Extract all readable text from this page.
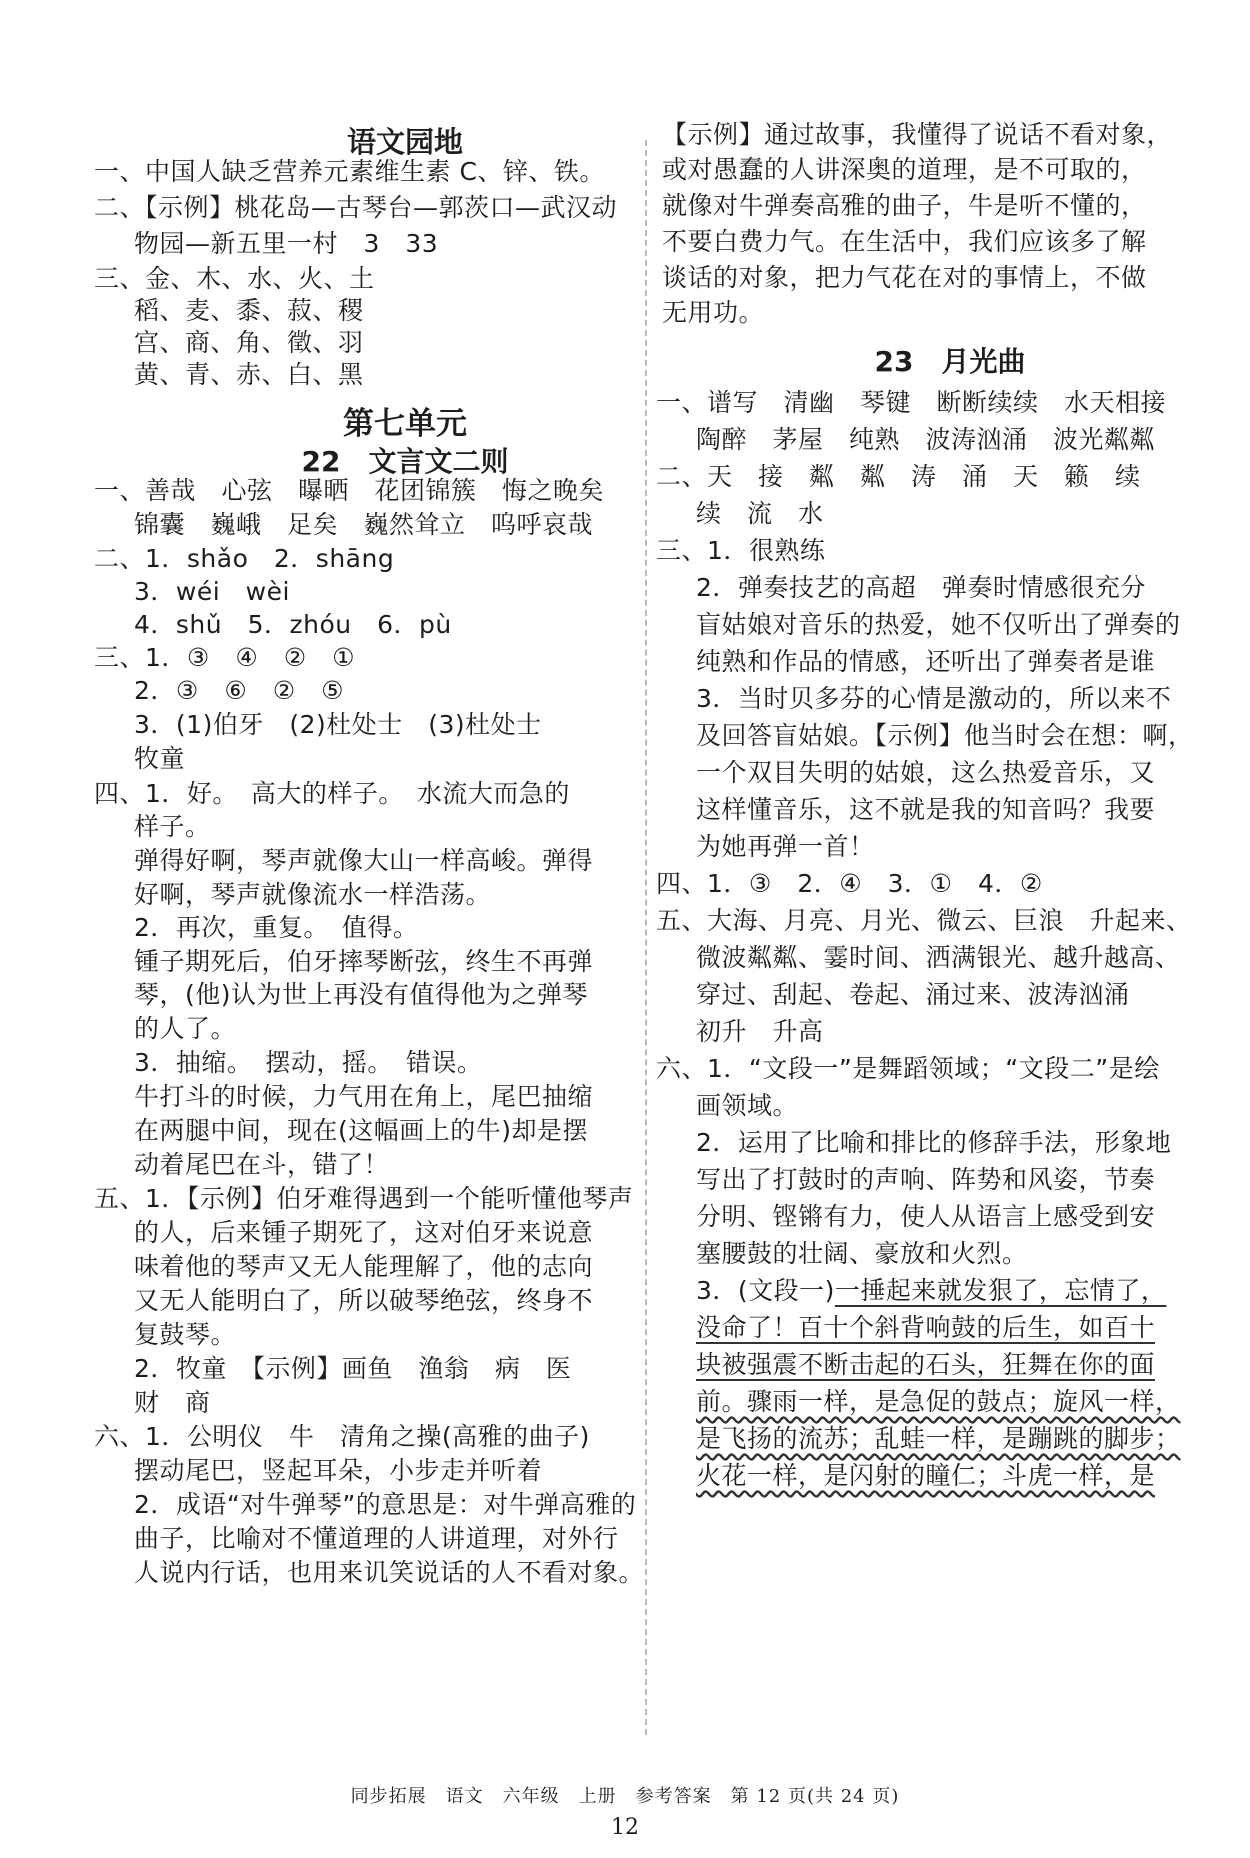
语文园地
一、中国人缺乏营养元素维生素 C、锌、铁。
二、【示例】桃花岛—古琴台—郭茨口—武汉动
物园—新五里一村　3　33
三、金、木、水、火、土
稻、麦、黍、菽、稷
宫、商、角、徵、羽
黄、青、赤、白、黑
第七单元
22　文言文二则
一、善哉　心弦　曝晒　花团锦簇　悔之晚矣
锦囊　巍峨　足矣　巍然耸立　呜呼哀哉
二、1．shǎo　2．shāng
3．wéi　wèi
4．shǔ　5．zhóu　6．pù
三、1．③　④　②　①
2．③　⑥　②　⑤
3．(1)伯牙　(2)杜处士　(3)杜处士
牧童
四、1．好。　高大的样子。　水流大而急的
样子。
弹得好啊，琴声就像大山一样高峻。弹得
好啊，琴声就像流水一样浩荡。
2．再次，重复。　值得。
锺子期死后，伯牙摔琴断弦，终生不再弹
琴，(他)认为世上再没有值得他为之弹琴
的人了。
3．抽缩。　摆动，摇。　错误。
牛打斗的时候，力气用在角上，尾巴抽缩
在两腿中间，现在(这幅画上的牛)却是摆
动着尾巴在斗，错了！
五、1．【示例】伯牙难得遇到一个能听懂他琴声
的人，后来锺子期死了，这对伯牙来说意
味着他的琴声又无人能理解了，他的志向
又无人能明白了，所以破琴绝弦，终身不
复鼓琴。
2．牧童　【示例】画鱼　渔翁　病　医
财　商
六、1．公明仪　牛　清角之操(高雅的曲子)
摆动尾巴，竖起耳朵，小步走并听着
2．成语“对牛弹琴”的意思是：对牛弹高雅的
曲子，比喻对不懂道理的人讲道理，对外行
人说内行话，也用来讥笑说话的人不看对象。
【示例】通过故事，我懂得了说话不看对象，
或对愚蠢的人讲深奥的道理，是不可取的，
就像对牛弹奏高雅的曲子，牛是听不懂的，
不要白费力气。在生活中，我们应该多了解
谈话的对象，把力气花在对的事情上，不做
无用功。
23　月光曲
一、谱写　清幽　琴键　断断续续　水天相接
陶醉　茅屋　纯熟　波涛汹涌　波光粼粼
二、天　接　粼　粼　涛　涌　天　籁　续
续　流　水
三、1．很熟练
2．弹奏技艺的高超　弹奏时情感很充分
盲姑娘对音乐的热爱，她不仅听出了弹奏的
纯熟和作品的情感，还听出了弹奏者是谁
3．当时贝多芬的心情是激动的，所以来不
及回答盲姑娘。【示例】他当时会在想：啊，
一个双目失明的姑娘，这么热爱音乐，又
这样懂音乐，这不就是我的知音吗？我要
为她再弹一首！
四、1．③　2．④　3．①　4．②
五、大海、月亮、月光、微云、巨浪　升起来、
微波粼粼、霎时间、洒满银光、越升越高、
穿过、刮起、卷起、涌过来、波涛汹涌
初升　升高
六、1．“文段一”是舞蹈领域；“文段二”是绘
画领域。
2．运用了比喻和排比的修辞手法，形象地
写出了打鼓时的声响、阵势和风姿，节奏
分明、铿锵有力，使人从语言上感受到安
塞腰鼓的壮阔、豪放和火烈。
3．(文段一)一捶起来就发狠了，忘情了，
没命了！百十个斜背响鼓的后生，如百十
块被强震不断击起的石头，狂舞在你的面
前。骤雨一样，是急促的鼓点；旋风一样，
是飞扬的流苏；乱蛙一样，是蹦跳的脚步；
火花一样，是闪射的瞳仁；斗虎一样，是
同步拓展　语文　六年级　上册　参考答案　第 12 页(共 24 页)
12
